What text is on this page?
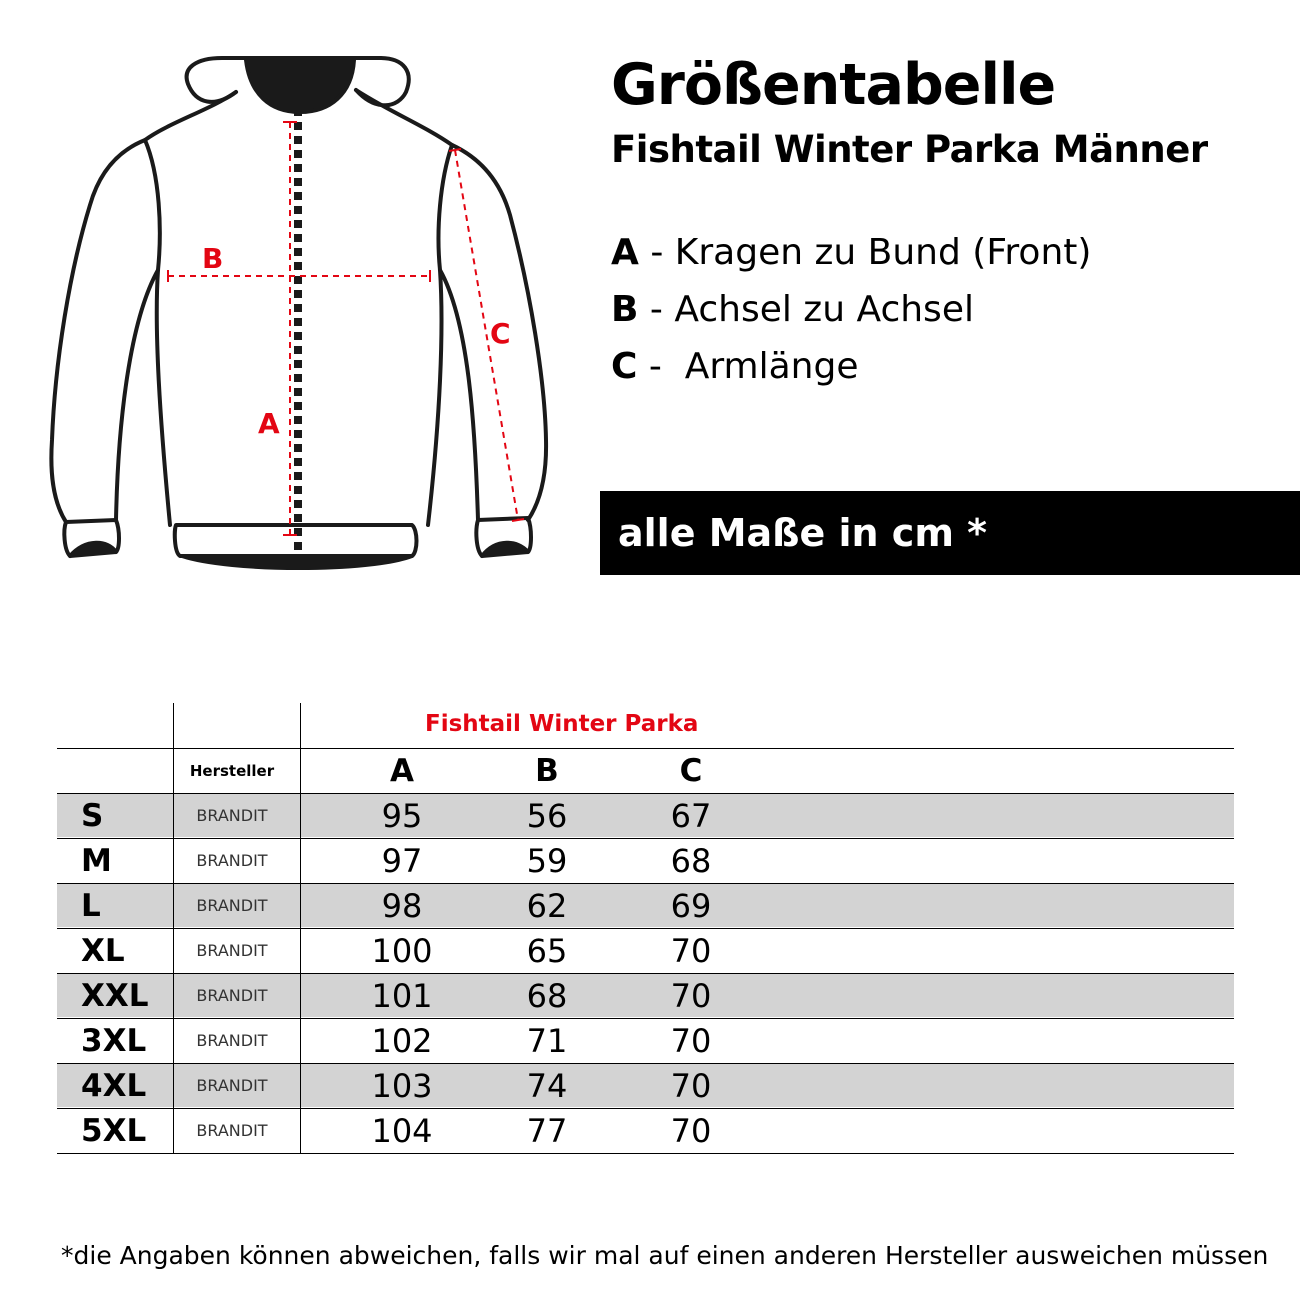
A
B
C
Größentabelle
Fishtail Winter Parka Männer
A - Kragen zu Bund (Front)
B - Achsel zu Achsel
C -  Armlänge
alle Maße in cm *
S	BRANDIT	95	56	67
M	BRANDIT	97	59	68
L	BRANDIT	98	62	69
XL	BRANDIT	100	65	70
XXL	BRANDIT	101	68	70
3XL	BRANDIT	102	71	70
4XL	BRANDIT	103	74	70
5XL	BRANDIT	104	77	70
Fishtail Winter Parka
Hersteller	A	B	C
*die Angaben können abweichen, falls wir mal auf einen anderen Hersteller ausweichen müssen
